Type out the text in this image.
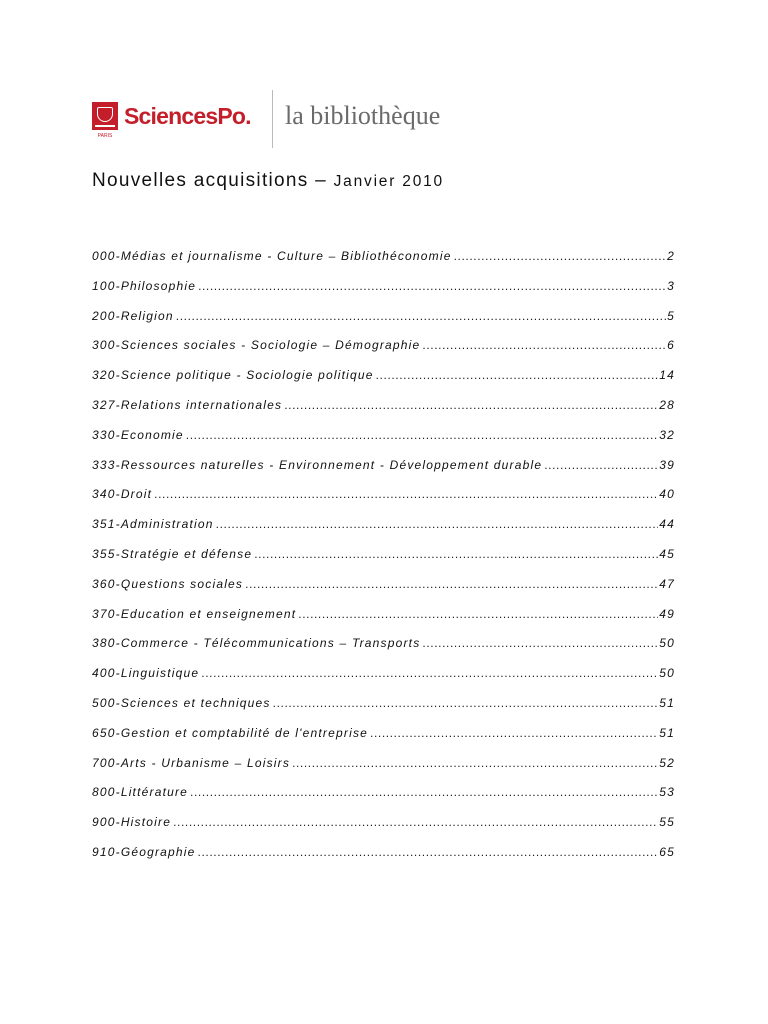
PARIS
SciencesPo. la bibliothèque
Nouvelles acquisitions – Janvier 2010
000-Médias et journalisme - Culture – Bibliothéconomie .....	2
100-Philosophie .....	3
200-Religion .....	5
300-Sciences sociales - Sociologie – Démographie .....	6
320-Science politique - Sociologie politique .....	14
327-Relations internationales .....	28
330-Economie .....	32
333-Ressources naturelles - Environnement - Développement durable .....	39
340-Droit .....	40
351-Administration .....	44
355-Stratégie et défense .....	45
360-Questions sociales .....	47
370-Education et enseignement .....	49
380-Commerce - Télécommunications – Transports .....	50
400-Linguistique .....	50
500-Sciences et techniques .....	51
650-Gestion et comptabilité de l'entreprise .....	51
700-Arts - Urbanisme – Loisirs .....	52
800-Littérature .....	53
900-Histoire .....	55
910-Géographie .....	65
